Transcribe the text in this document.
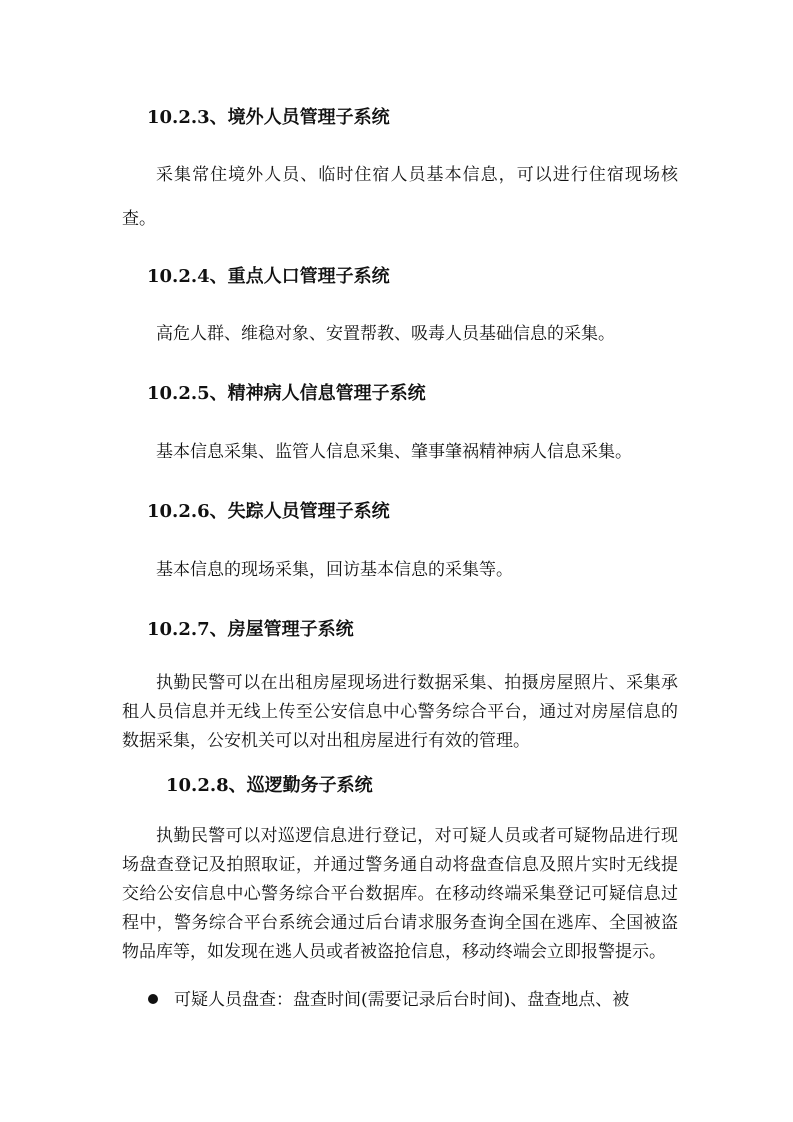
10.2.3、境外人员管理子系统

采集常住境外人员、临时住宿人员基本信息，可以进行住宿现场核查。

10.2.4、重点人口管理子系统

高危人群、维稳对象、安置帮教、吸毒人员基础信息的采集。

10.2.5、精神病人信息管理子系统

基本信息采集、监管人信息采集、肇事肇祸精神病人信息采集。

10.2.6、失踪人员管理子系统

基本信息的现场采集，回访基本信息的采集等。

10.2.7、房屋管理子系统

执勤民警可以在出租房屋现场进行数据采集、拍摄房屋照片、采集承租人员信息并无线上传至公安信息中心警务综合平台，通过对房屋信息的数据采集，公安机关可以对出租房屋进行有效的管理。

10.2.8、巡逻勤务子系统

执勤民警可以对巡逻信息进行登记，对可疑人员或者可疑物品进行现场盘查登记及拍照取证，并通过警务通自动将盘查信息及照片实时无线提交给公安信息中心警务综合平台数据库。在移动终端采集登记可疑信息过程中，警务综合平台系统会通过后台请求服务查询全国在逃库、全国被盗物品库等，如发现在逃人员或者被盗抢信息，移动终端会立即报警提示。

可疑人员盘查：盘查时间(需要记录后台时间)、盘查地点、被
